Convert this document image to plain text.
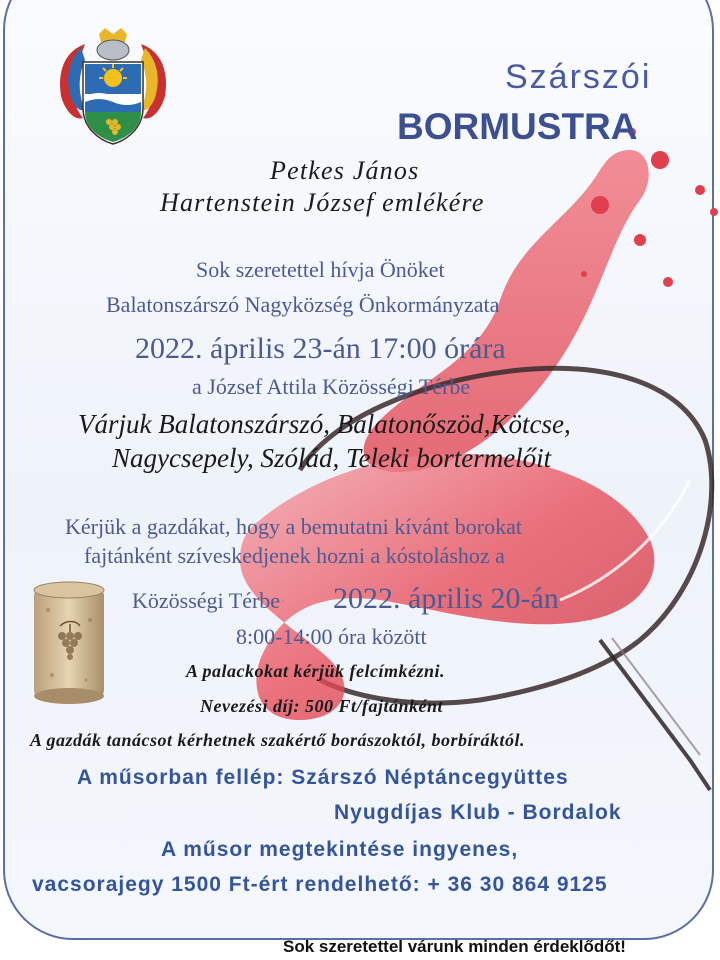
Szárszói
BORMUSTRA
Petkes János
Hartenstein József emlékére
Sok szeretettel hívja Önöket
Balatonszárszó Nagyközség Önkormányzata
2022. április 23-án 17:00 órára
a József Attila Közösségi Térbe
Várjuk Balatonszárszó, Balatonőszöd,Kötcse,
Nagycsepely, Szólád, Teleki bortermelőit
Kérjük a gazdákat, hogy a bemutatni kívánt borokat
fajtánként szíveskedjenek hozni a kóstoláshoz a
Közösségi Térbe 2022. április 20-án
8:00-14:00 óra között
A palackokat kérjük felcímkézni.
Nevezési díj: 500 Ft/fajtánként
A gazdák tanácsot kérhetnek szakértő borászoktól, borbíráktól.
A műsorban fellép: Szárszó Néptáncegyüttes
Nyugdíjas Klub - Bordalok
A műsor megtekintése ingyenes,
vacsorajegy 1500 Ft-ért rendelhető: + 36 30 864 9125
Sok szeretettel várunk minden érdeklődőt!
